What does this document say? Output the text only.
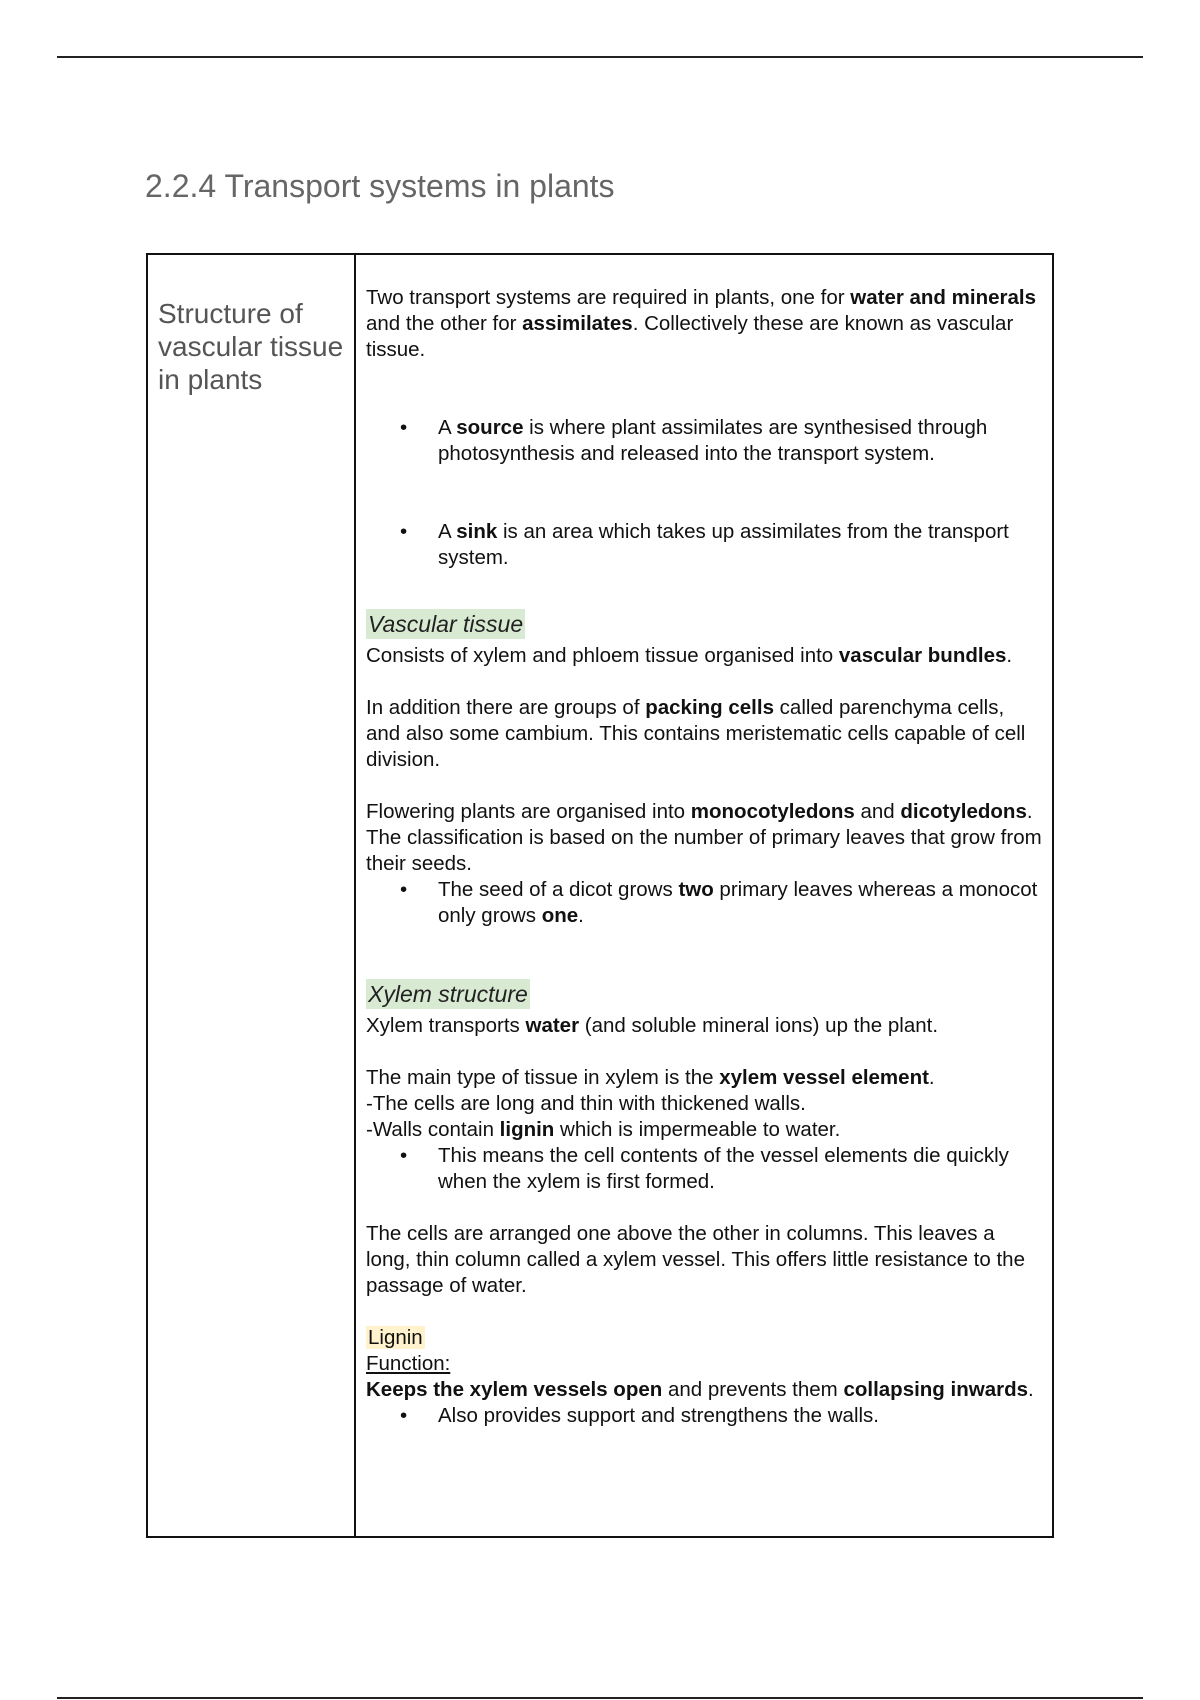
2.2.4 Transport systems in plants
Structure of vascular tissue in plants

Two transport systems are required in plants, one for water and minerals and the other for assimilates. Collectively these are known as vascular tissue.

• A source is where plant assimilates are synthesised through photosynthesis and released into the transport system.
• A sink is an area which takes up assimilates from the transport system.
Vascular tissue

Consists of xylem and phloem tissue organised into vascular bundles.

In addition there are groups of packing cells called parenchyma cells, and also some cambium. This contains meristematic cells capable of cell division.

Flowering plants are organised into monocotyledons and dicotyledons. The classification is based on the number of primary leaves that grow from their seeds.

• The seed of a dicot grows two primary leaves whereas a monocot only grows one.
Xylem structure

Xylem transports water (and soluble mineral ions) up the plant.

The main type of tissue in xylem is the xylem vessel element.

-The cells are long and thin with thickened walls.

-Walls contain lignin which is impermeable to water.

• This means the cell contents of the vessel elements die quickly when the xylem is first formed.

The cells are arranged one above the other in columns. This leaves a long, thin column called a xylem vessel. This offers little resistance to the passage of water.

Lignin
Function:

Keeps the xylem vessels open and prevents them collapsing inwards.

• Also provides support and strengthens the walls.
